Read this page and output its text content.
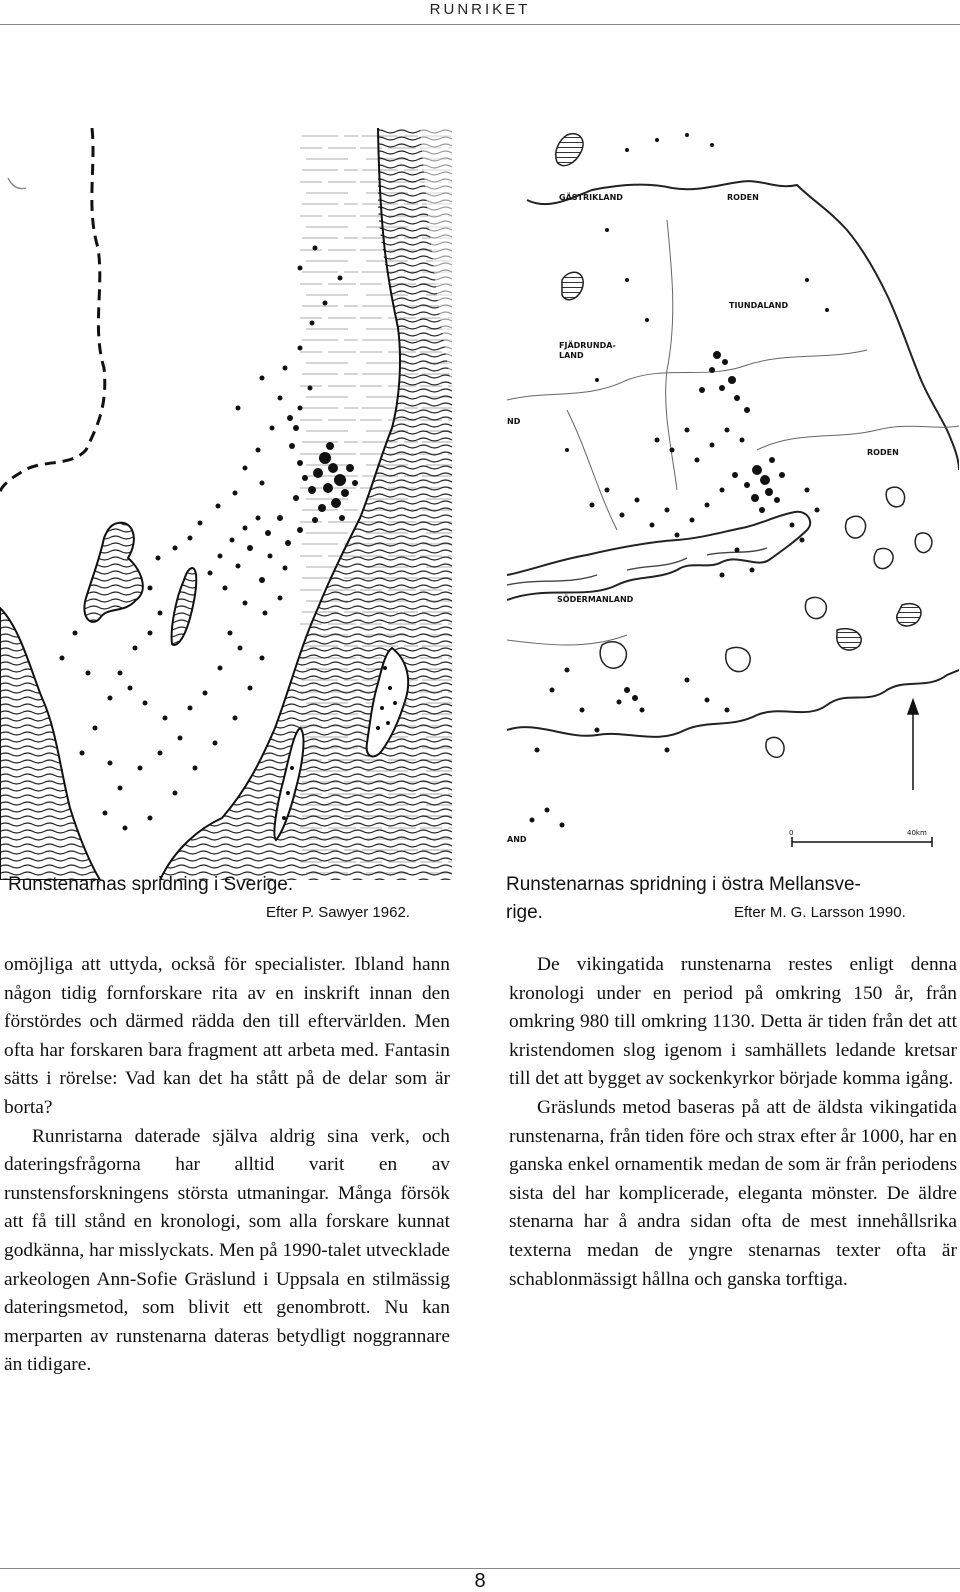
RUNRIKET
Runstenarnas spridning i Sverige.
Efter P. Sawyer 1962.
GÄSTRIKLAND	RODEN
TIUNDALAND
FJÄDRUNDA-
LAND
ND
RODEN
SÖDERMANLAND
AND
0	40km
Runstenarnas spridning i östra Mellansve-
rige.	Efter M. G. Larsson 1990.

omöjliga att uttyda, också för specialister. Ibland hann någon tidig fornforskare rita av en inskrift innan den förstördes och därmed rädda den till eftervärlden. Men ofta har forskaren bara fragment att arbeta med. Fantasin sätts i rörelse: Vad kan det ha stått på de delar som är borta?

Runristarna daterade själva aldrig sina verk, och dateringsfrågorna har alltid varit en av runstensforskningens största utmaningar. Många försök att få till stånd en kronologi, som alla forskare kunnat godkänna, har misslyckats. Men på 1990-talet utvecklade arkeologen Ann-Sofie Gräslund i Uppsala en stilmässig dateringsmetod, som blivit ett genombrott. Nu kan merparten av runstenarna dateras betydligt noggrannare än tidigare.

De vikingatida runstenarna restes enligt denna kronologi under en period på omkring 150 år, från omkring 980 till omkring 1130. Detta är tiden från det att kristendomen slog igenom i samhällets ledande kretsar till det att bygget av sockenkyrkor började komma igång.

Gräslunds metod baseras på att de äldsta vikingatida runstenarna, från tiden före och strax efter år 1000, har en ganska enkel ornamentik medan de som är från periodens sista del har komplicerade, eleganta mönster. De äldre stenarna har å andra sidan ofta de mest innehållsrika texterna medan de yngre stenarnas texter ofta är schablonmässigt hållna och ganska torftiga.

8
